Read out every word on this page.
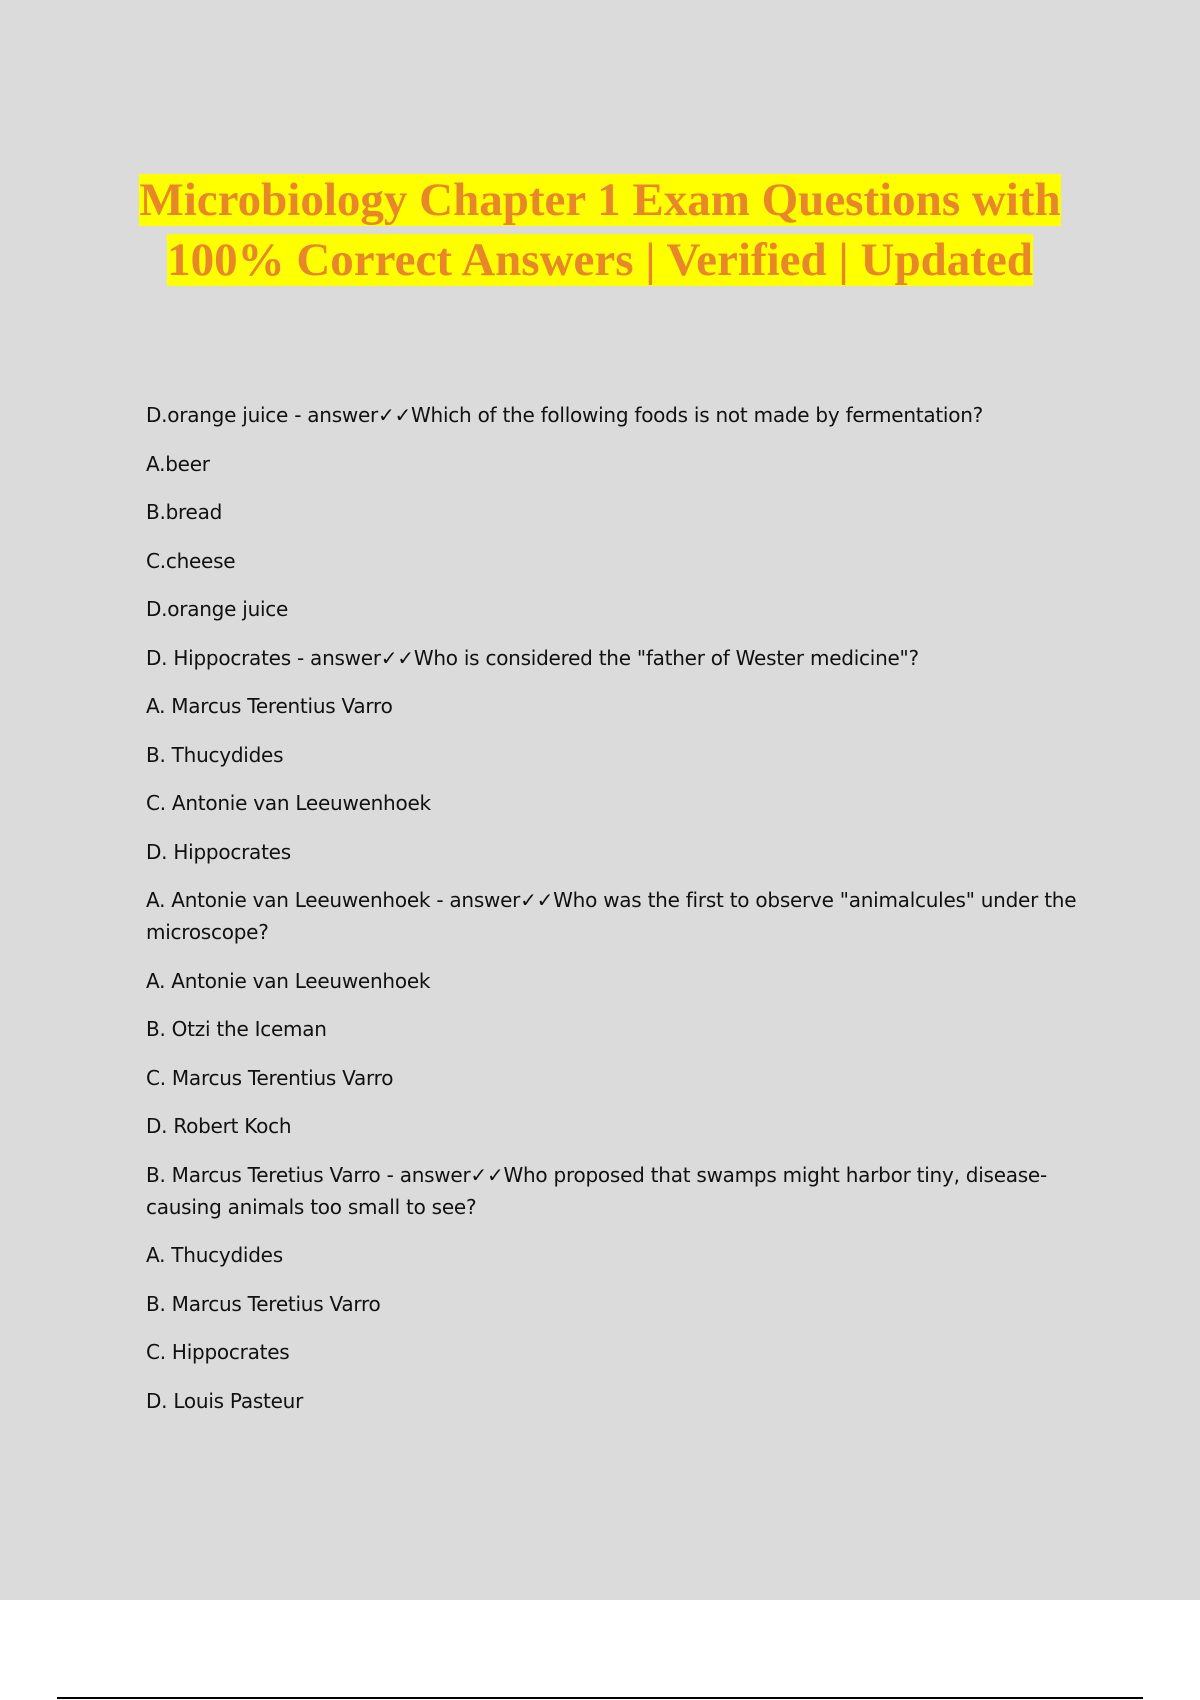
Microbiology Chapter 1 Exam Questions with 100% Correct Answers | Verified | Updated

D.orange juice - answer✓✓Which of the following foods is not made by fermentation?

A.beer

B.bread

C.cheese

D.orange juice

D. Hippocrates - answer✓✓Who is considered the "father of Wester medicine"?

A. Marcus Terentius Varro

B. Thucydides

C. Antonie van Leeuwenhoek

D. Hippocrates

A. Antonie van Leeuwenhoek - answer✓✓Who was the first to observe "animalcules" under the microscope?

A. Antonie van Leeuwenhoek

B. Otzi the Iceman

C. Marcus Terentius Varro

D. Robert Koch

B. Marcus Teretius Varro - answer✓✓Who proposed that swamps might harbor tiny, disease-causing animals too small to see?

A. Thucydides

B. Marcus Teretius Varro

C. Hippocrates

D. Louis Pasteur
